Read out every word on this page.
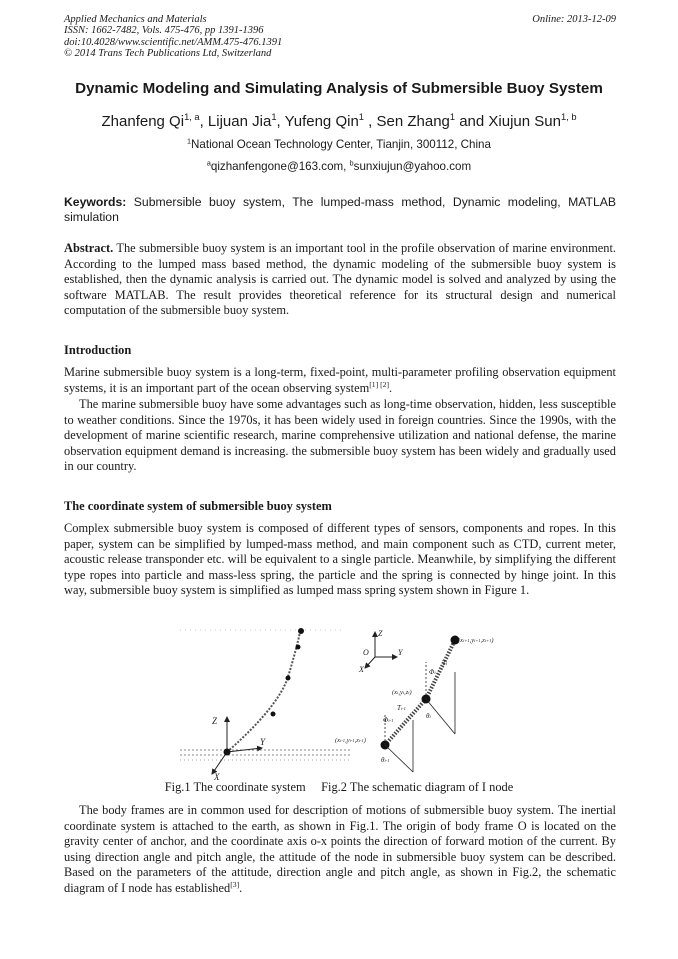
Applied Mechanics and Materials
ISSN: 1662-7482, Vols. 475-476, pp 1391-1396
doi:10.4028/www.scientific.net/AMM.475-476.1391
© 2014 Trans Tech Publications Ltd, Switzerland
Online: 2013-12-09
Dynamic Modeling and Simulating Analysis of Submersible Buoy System
Zhanfeng Qi$^{1, a}$, Lijuan Jia$^1$, Yufeng Qin$^1$ , Sen Zhang$^1$ and Xiujun Sun$^{1, b}$
$^1$National Ocean Technology Center, Tianjin, 300112, China
$^a$qizhanfengone@163.com, $^b$sunxiujun@yahoo.com
Keywords: Submersible buoy system, The lumped-mass method, Dynamic modeling, MATLAB simulation
Abstract. The submersible buoy system is an important tool in the profile observation of marine environment. According to the lumped mass based method, the dynamic modeling of the submersible buoy system is established, then the dynamic analysis is carried out. The dynamic model is solved and analyzed by using the software MATLAB. The result provides theoretical reference for its structural design and numerical computation of the submersible buoy system.
Introduction
Marine submersible buoy system is a long-term, fixed-point, multi-parameter profiling observation equipment systems, it is an important part of the ocean observing system[1] [2].
The marine submersible buoy have some advantages such as long-time observation, hidden, less susceptible to weather conditions. Since the 1970s, it has been widely used in foreign countries. Since the 1990s, with the development of marine scientific research, marine comprehensive utilization and national defense, the marine observation equipment demand is increasing. the submersible buoy system has been widely and gradually used in our country.
The coordinate system of submersible buoy system
Complex submersible buoy system is composed of different types of sensors, components and ropes. In this paper, system can be simplified by lumped-mass method, and main component such as CTD, current meter, acoustic release transponder etc. will be equivalent to a single particle. Meanwhile, by simplifying the different type ropes into particle and mass-less spring, the particle and the spring is connected by hinge joint. In this way, submersible buoy system is simplified as lumped mass spring system shown in Figure 1.
Z
Y
X
Z
Y
X
O
(xi+1,yi+1,zi+1)
(xi,yi,zi)
(xi-1,yi-1,zi-1)
Φi
Ti
Φi-1
Ti-1
θi
θi-1
Fig.1 The coordinate system Fig.2 The schematic diagram of I node
The body frames are in common used for description of motions of submersible buoy system. The inertial coordinate system is attached to the earth, as shown in Fig.1. The origin of body frame O is located on the gravity center of anchor, and the coordinate axis o-x points the direction of forward motion of the current. By using direction angle and pitch angle, the attitude of the node in submersible buoy system can be described. Based on the parameters of the attitude, direction angle and pitch angle, as shown in Fig.2, the schematic diagram of I node has established[3].
